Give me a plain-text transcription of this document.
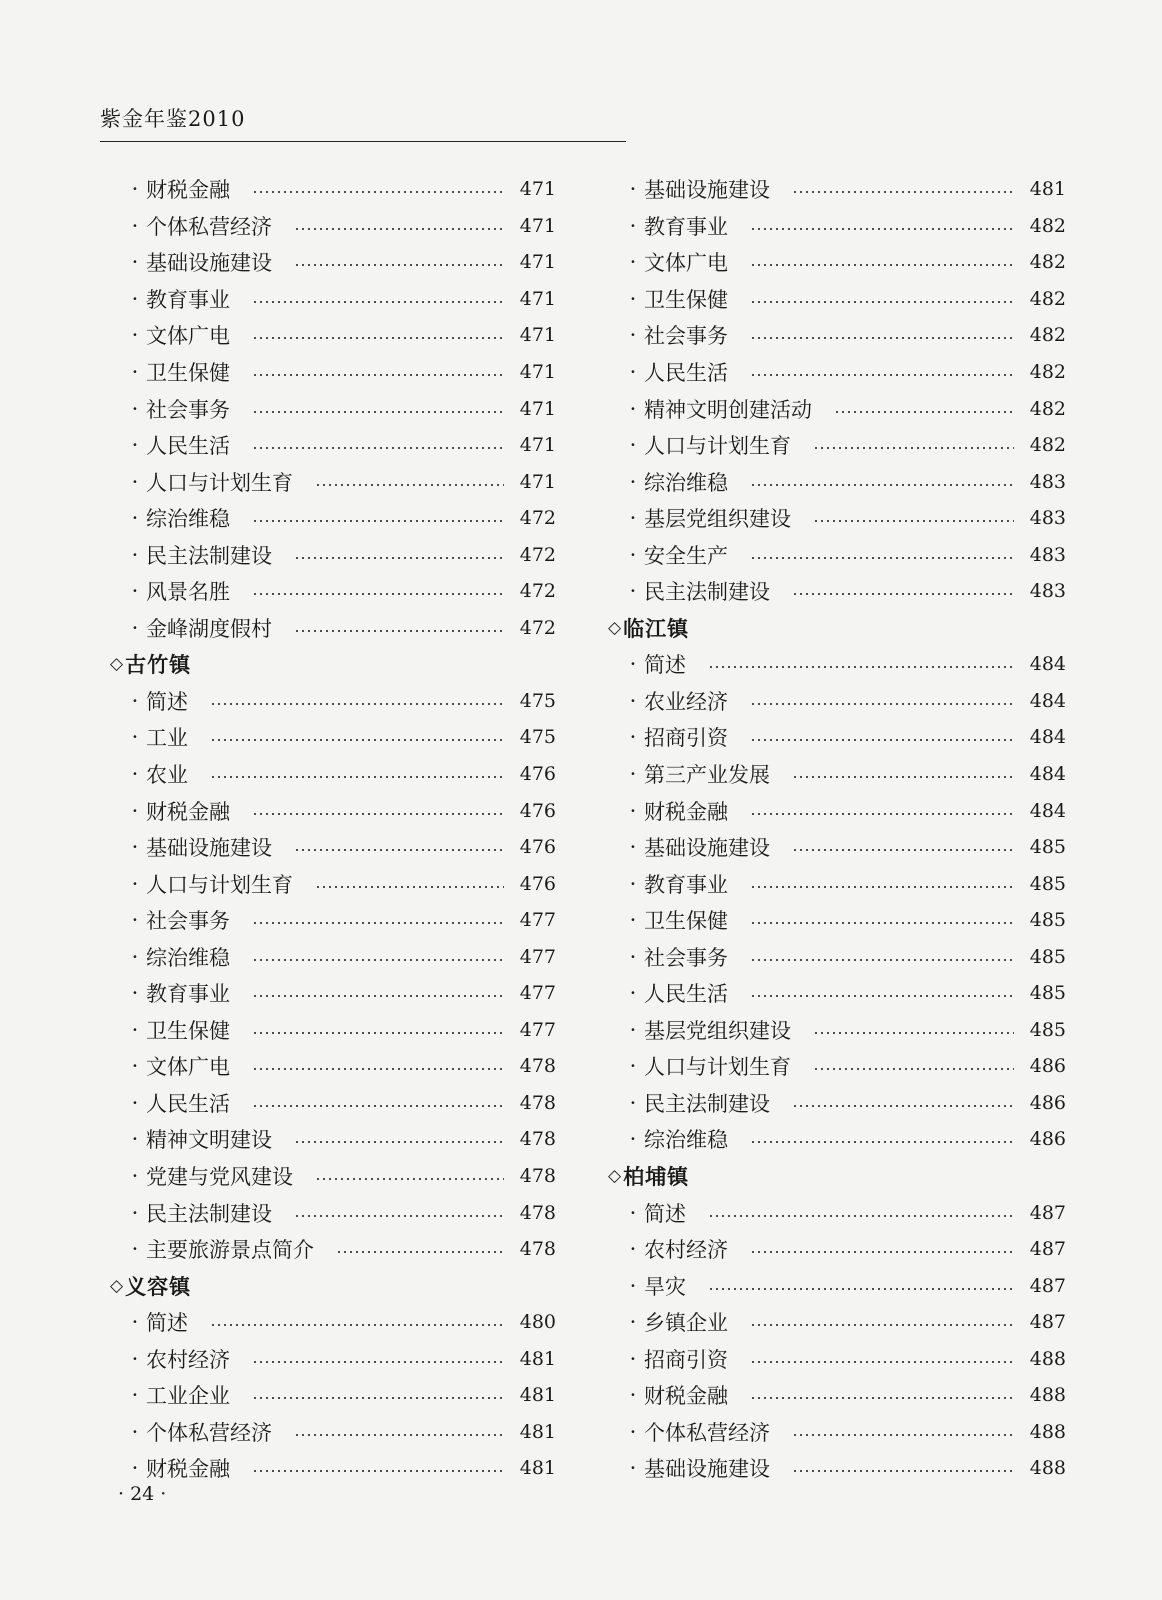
紫金年鉴2010
· 财税金融	471
· 个体私营经济	471
· 基础设施建设	471
· 教育事业	471
· 文体广电	471
· 卫生保健	471
· 社会事务	471
· 人民生活	471
· 人口与计划生育	471
· 综治维稳	472
· 民主法制建设	472
· 风景名胜	472
· 金峰湖度假村	472
◇ 古竹镇
· 简述	475
· 工业	475
· 农业	476
· 财税金融	476
· 基础设施建设	476
· 人口与计划生育	476
· 社会事务	477
· 综治维稳	477
· 教育事业	477
· 卫生保健	477
· 文体广电	478
· 人民生活	478
· 精神文明建设	478
· 党建与党风建设	478
· 民主法制建设	478
· 主要旅游景点简介	478
◇ 义容镇
· 简述	480
· 农村经济	481
· 工业企业	481
· 个体私营经济	481
· 财税金融	481
· 基础设施建设	481
· 教育事业	482
· 文体广电	482
· 卫生保健	482
· 社会事务	482
· 人民生活	482
· 精神文明创建活动	482
· 人口与计划生育	482
· 综治维稳	483
· 基层党组织建设	483
· 安全生产	483
· 民主法制建设	483
◇ 临江镇
· 简述	484
· 农业经济	484
· 招商引资	484
· 第三产业发展	484
· 财税金融	484
· 基础设施建设	485
· 教育事业	485
· 卫生保健	485
· 社会事务	485
· 人民生活	485
· 基层党组织建设	485
· 人口与计划生育	486
· 民主法制建设	486
· 综治维稳	486
◇ 柏埔镇
· 简述	487
· 农村经济	487
· 旱灾	487
· 乡镇企业	487
· 招商引资	488
· 财税金融	488
· 个体私营经济	488
· 基础设施建设	488
· 24 ·
